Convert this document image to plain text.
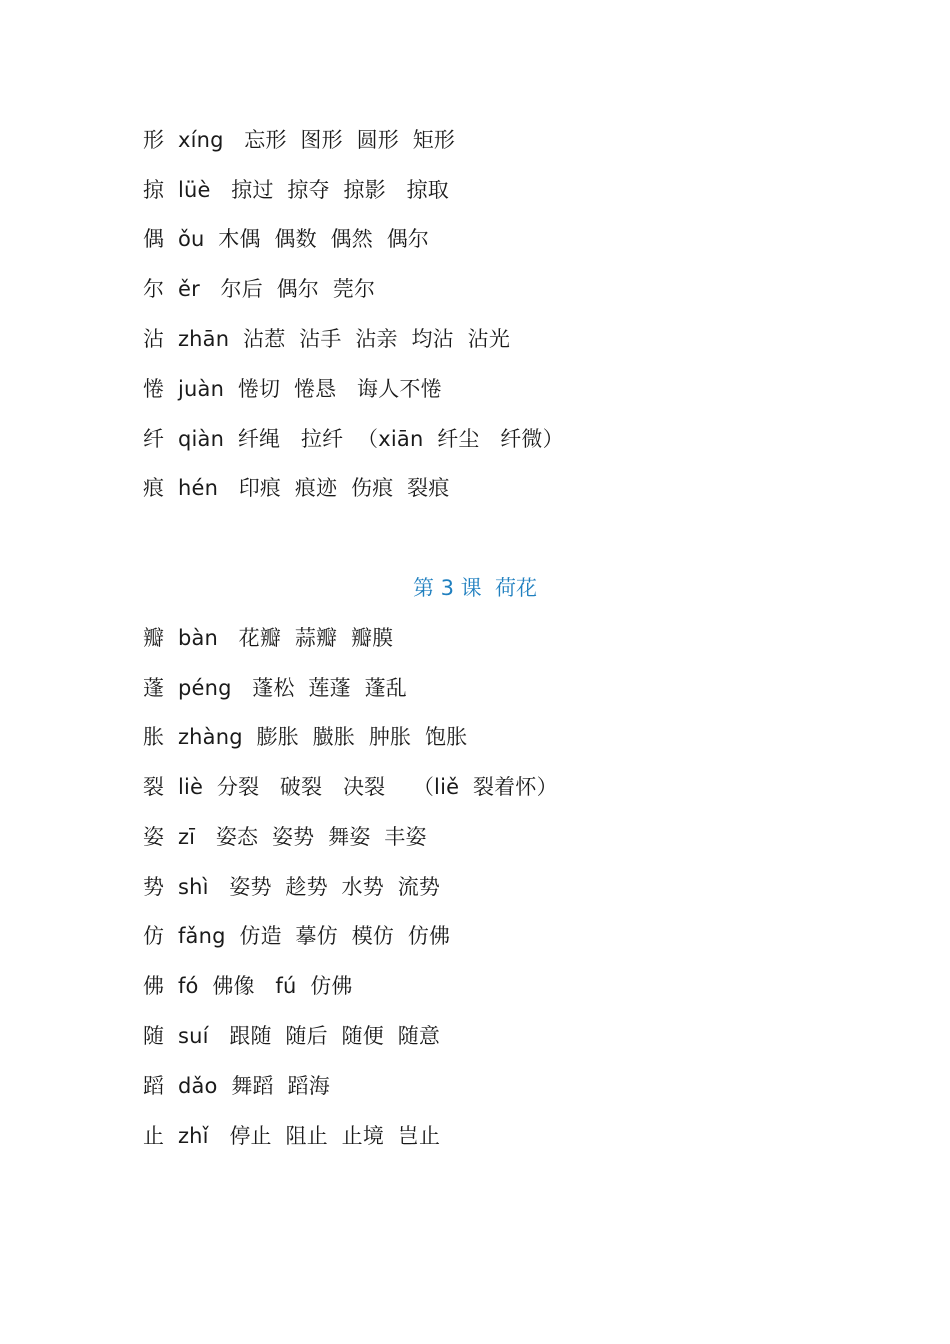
形  xíng   忘形  图形  圆形  矩形
掠  lüè   掠过  掠夺  掠影   掠取
偶  ǒu  木偶  偶数  偶然  偶尔
尔  ěr   尔后  偶尔  莞尔
沾  zhān  沾惹  沾手  沾亲  均沾  沾光
惓  juàn  惓切  惓恳   诲人不惓
纤  qiàn  纤绳   拉纤  （xiān  纤尘   纤微）
痕  hén   印痕  痕迹  伤痕  裂痕
第 3 课  荷花
瓣  bàn   花瓣  蒜瓣  瓣膜
蓬  péng   蓬松  莲蓬  蓬乱
胀  zhàng  膨胀  臌胀  肿胀  饱胀
裂  liè  分裂   破裂   决裂    （liě  裂着怀）
姿  zī   姿态  姿势  舞姿  丰姿
势  shì   姿势  趁势  水势  流势
仿  fǎng  仿造  摹仿  模仿  仿佛
佛  fó  佛像   fú  仿佛
随  suí   跟随  随后  随便  随意
蹈  dǎo  舞蹈  蹈海
止  zhǐ   停止  阻止  止境  岂止
